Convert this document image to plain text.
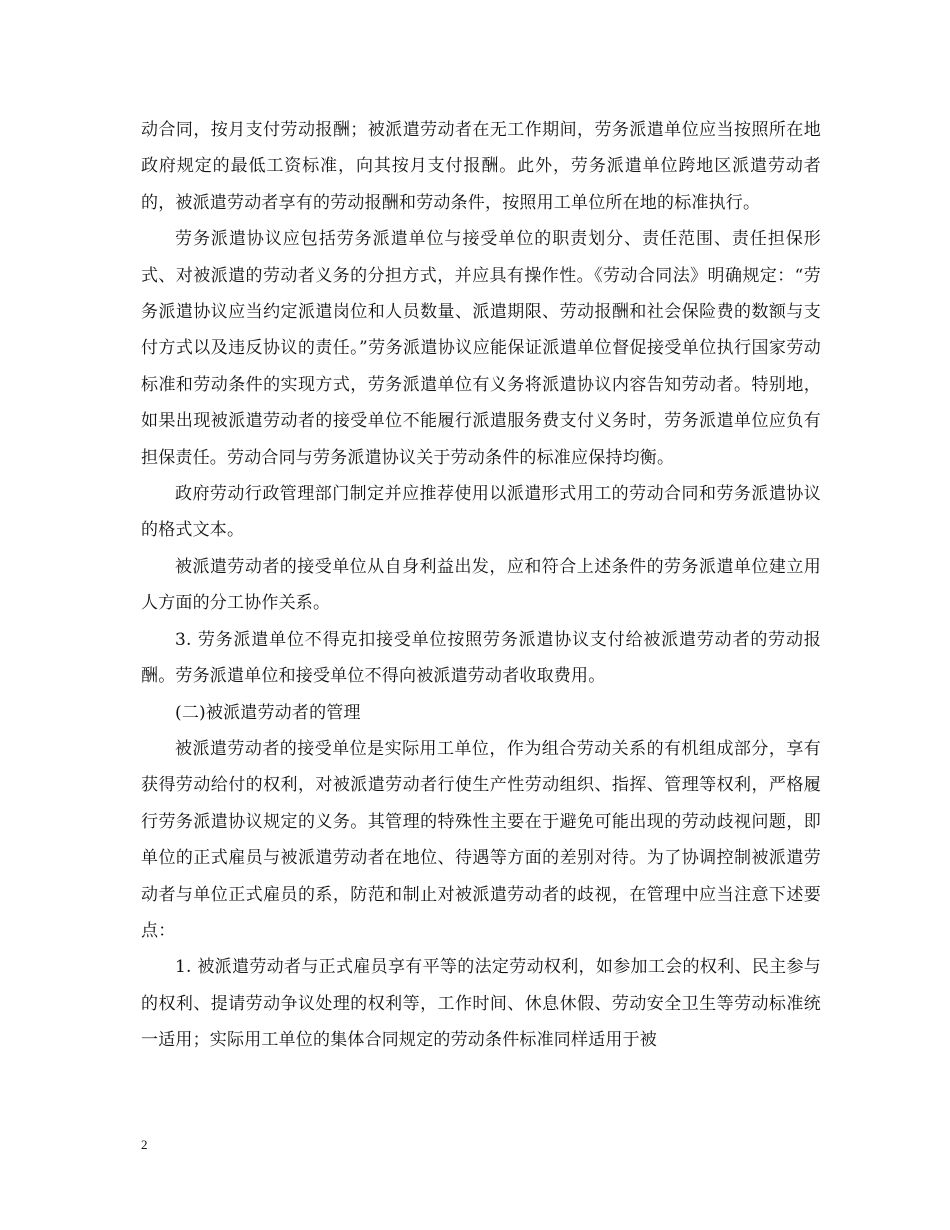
动合同，按月支付劳动报酬；被派遣劳动者在无工作期间，劳务派遣单位应当按照所在地政府规定的最低工资标准，向其按月支付报酬。此外，劳务派遣单位跨地区派遣劳动者的，被派遣劳动者享有的劳动报酬和劳动条件，按照用工单位所在地的标准执行。

劳务派遣协议应包括劳务派遣单位与接受单位的职责划分、责任范围、责任担保形式、对被派遣的劳动者义务的分担方式，并应具有操作性。《劳动合同法》明确规定：“劳务派遣协议应当约定派遣岗位和人员数量、派遣期限、劳动报酬和社会保险费的数额与支付方式以及违反协议的责任。”劳务派遣协议应能保证派遣单位督促接受单位执行国家劳动标准和劳动条件的实现方式，劳务派遣单位有义务将派遣协议内容告知劳动者。特别地，如果出现被派遣劳动者的接受单位不能履行派遣服务费支付义务时，劳务派遣单位应负有担保责任。劳动合同与劳务派遣协议关于劳动条件的标准应保持均衡。

政府劳动行政管理部门制定并应推荐使用以派遣形式用工的劳动合同和劳务派遣协议的格式文本。

被派遣劳动者的接受单位从自身利益出发，应和符合上述条件的劳务派遣单位建立用人方面的分工协作关系。

3. 劳务派遣单位不得克扣接受单位按照劳务派遣协议支付给被派遣劳动者的劳动报酬。劳务派遣单位和接受单位不得向被派遣劳动者收取费用。

(二)被派遣劳动者的管理

被派遣劳动者的接受单位是实际用工单位，作为组合劳动关系的有机组成部分，享有获得劳动给付的权利，对被派遣劳动者行使生产性劳动组织、指挥、管理等权利，严格履行劳务派遣协议规定的义务。其管理的特殊性主要在于避免可能出现的劳动歧视问题，即单位的正式雇员与被派遣劳动者在地位、待遇等方面的差别对待。为了协调控制被派遣劳动者与单位正式雇员的系，防范和制止对被派遣劳动者的歧视，在管理中应当注意下述要点：

1. 被派遣劳动者与正式雇员享有平等的法定劳动权利，如参加工会的权利、民主参与的权利、提请劳动争议处理的权利等，工作时间、休息休假、劳动安全卫生等劳动标准统一适用；实际用工单位的集体合同规定的劳动条件标准同样适用于被

2
